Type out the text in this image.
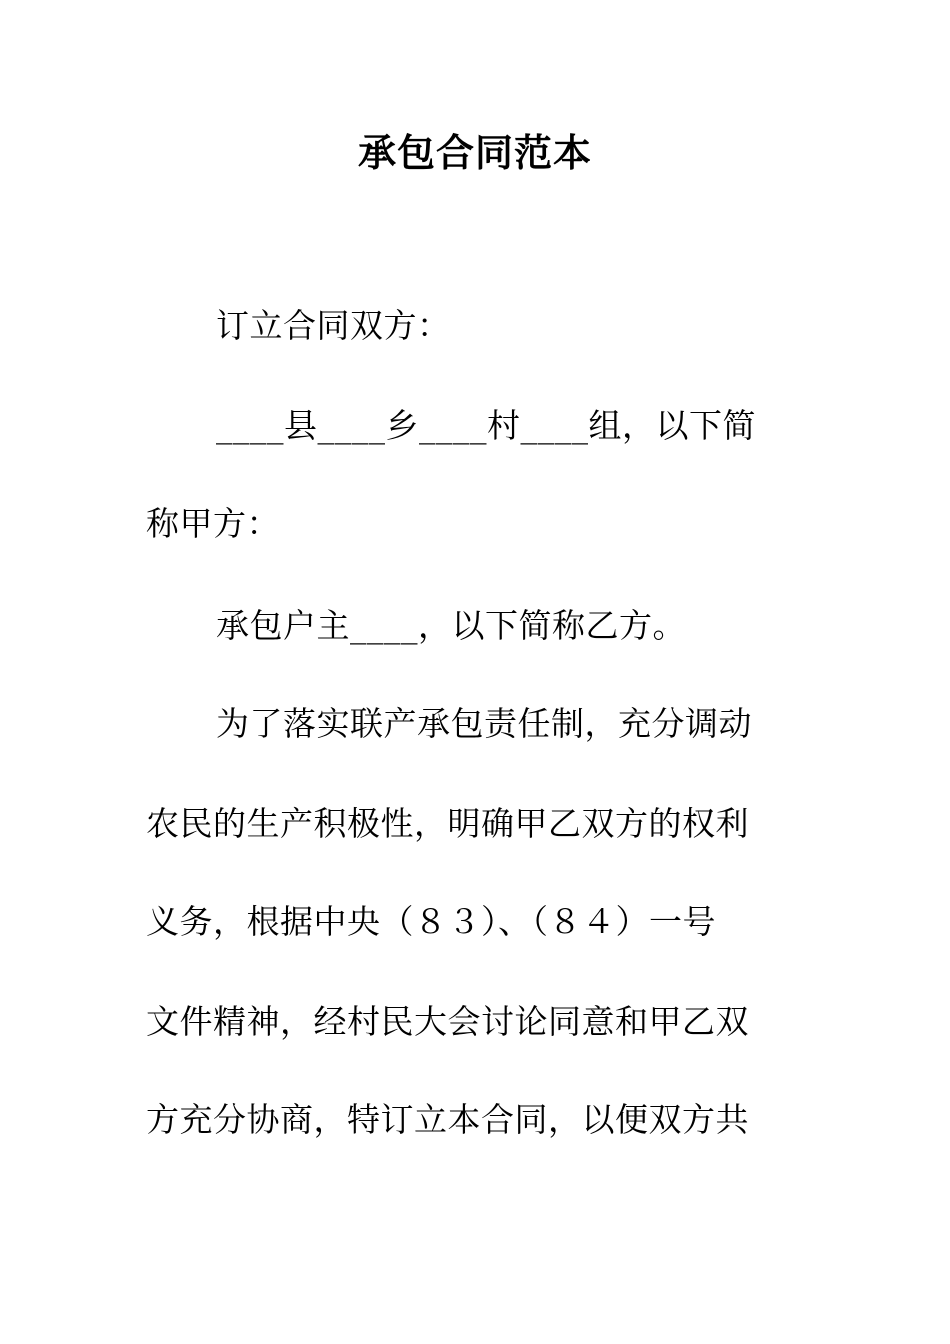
承包合同范本
订立合同双方：
____县____乡____村____组，以下简
称甲方：
承包户主____，以下简称乙方。
为了落实联产承包责任制，充分调动
农民的生产积极性，明确甲乙双方的权利
义务，根据中央（８３）、（８４）一号
文件精神，经村民大会讨论同意和甲乙双
方充分协商，特订立本合同，以便双方共
